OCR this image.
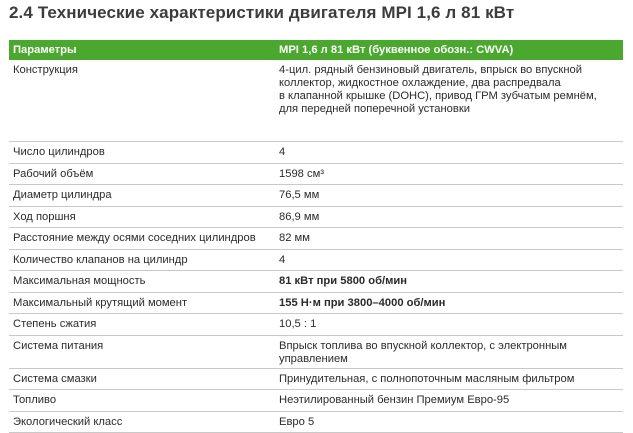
2.4 Технические характеристики двигателя MPI 1,6 л 81 кВт
Параметры	MPI 1,6 л 81 кВт (буквенное обозн.: CWVA)
Конструкция	4-цил. рядный бензиновый двигатель, впрыск во впускной
коллектор, жидкостное охлаждение, два распредвала
в клапанной крышке (DOHC), привод ГРМ зубчатым ремнём,
для передней поперечной установки
Число цилиндров	4
Рабочий объём	1598 см³
Диаметр цилиндра	76,5 мм
Ход поршня	86,9 мм
Расстояние между осями соседних цилиндров	82 мм
Количество клапанов на цилиндр	4
Максимальная мощность	81 кВт при 5800 об/мин
Максимальный крутящий момент	155 Н·м при 3800–4000 об/мин
Степень сжатия	10,5 : 1
Система питания	Впрыск топлива во впускной коллектор, с электронным
управлением
Система смазки	Принудительная, с полнопоточным масляным фильтром
Топливо	Неэтилированный бензин Премиум Евро-95
Экологический класс	Евро 5
